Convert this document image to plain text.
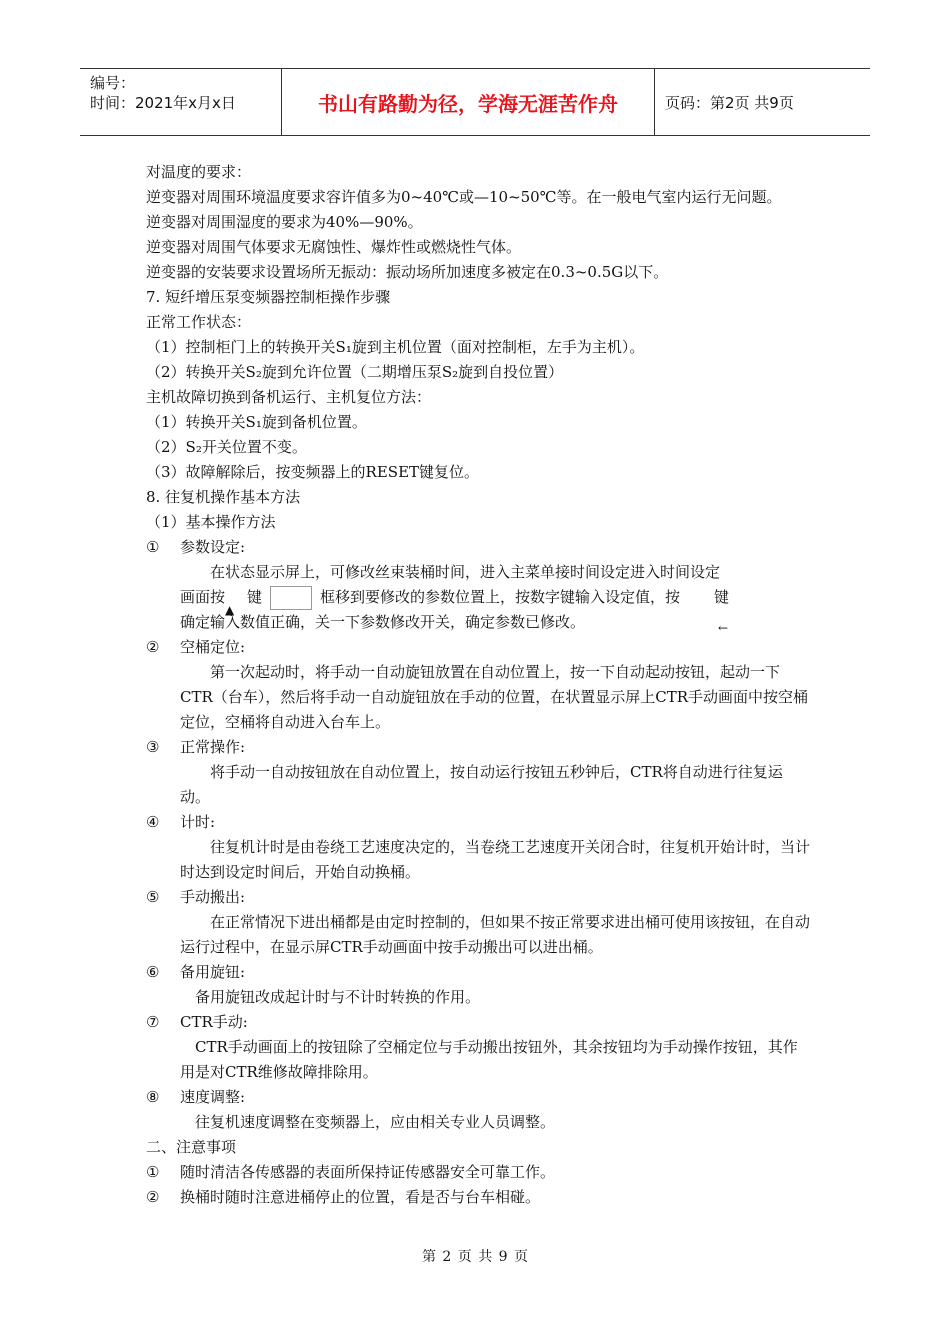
编号：
时间：2021年x月x日	书山有路勤为径，学海无涯苦作舟	页码：第2页 共9页
对温度的要求：
逆变器对周围环境温度要求容许值多为0~40℃或—10~50℃等。在一般电气室内运行无问题。
逆变器对周围湿度的要求为40%—90%。
逆变器对周围气体要求无腐蚀性、爆炸性或燃烧性气体。
逆变器的安装要求设置场所无振动：振动场所加速度多被定在0.3~0.5G以下。
7. 短纤增压泵变频器控制柜操作步骤
正常工作状态：
（1）控制柜门上的转换开关S₁旋到主机位置（面对控制柜，左手为主机）。
（2）转换开关S₂旋到允许位置（二期增压泵S₂旋到自投位置）
主机故障切换到备机运行、主机复位方法：
（1）转换开关S₁旋到备机位置。
（2）S₂开关位置不变。
（3）故障解除后，按变频器上的RESET键复位。
8. 往复机操作基本方法
（1）基本操作方法
①	参数设定:
在状态显示屏上，可修改丝束装桶时间，进入主菜单接时间设定进入时间设定
画面按 键	框移到要修改的参数位置上，按数字键输入设定值，按 键
确定输入数值正确，关一下参数修改开关，确定参数已修改。
②	空桶定位:
第一次起动时，将手动一自动旋钮放置在自动位置上，按一下自动起动按钮，起动一下CTR（台车），然后将手动一自动旋钮放在手动的位置，在状置显示屏上CTR手动画面中按空桶定位，空桶将自动进入台车上。
③	正常操作:
将手动一自动按钮放在自动位置上，按自动运行按钮五秒钟后，CTR将自动进行往复运动。
④	计时:
往复机计时是由卷绕工艺速度决定的，当卷绕工艺速度开关闭合时，往复机开始计时，当计时达到设定时间后，开始自动换桶。
⑤	手动搬出:
在正常情况下进出桶都是由定时控制的，但如果不按正常要求进出桶可使用该按钮，在自动运行过程中，在显示屏CTR手动画面中按手动搬出可以进出桶。
⑥	备用旋钮:
备用旋钮改成起计时与不计时转换的作用。
⑦	CTR手动:
CTR手动画面上的按钮除了空桶定位与手动搬出按钮外，其余按钮均为手动操作按钮，其作用是对CTR维修故障排除用。
⑧	速度调整:
往复机速度调整在变频器上，应由相关专业人员调整。
二、注意事项
①	随时清洁各传感器的表面所保持证传感器安全可靠工作。
②	换桶时随时注意进桶停止的位置，看是否与台车相碰。
▲
←
第 2 页 共 9 页
